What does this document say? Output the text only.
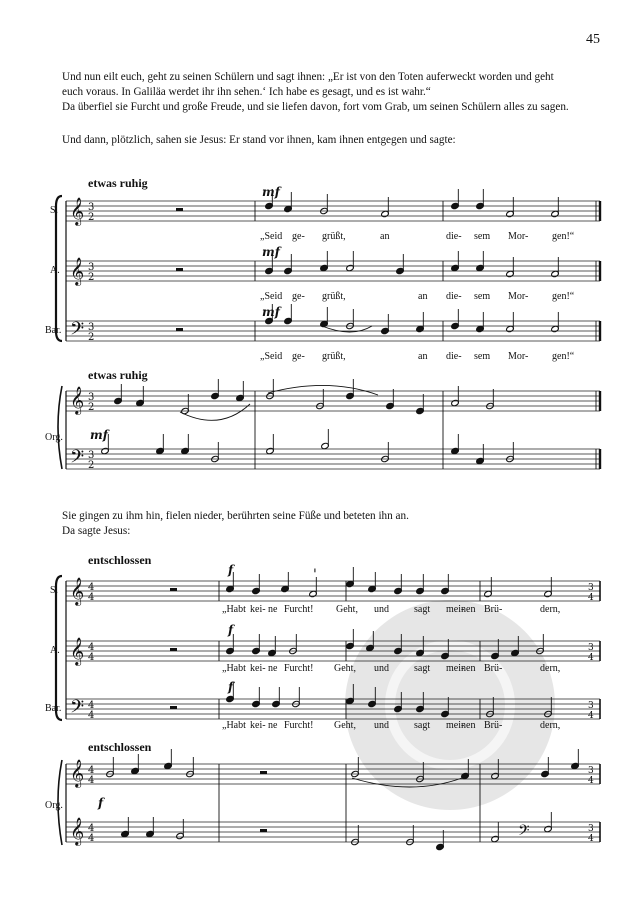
45
Und nun eilt euch, geht zu seinen Schülern und sagt ihnen: „Er ist von den Toten auferweckt worden und geht
euch voraus. In Galiläa werdet ihr ihn sehen.‘ Ich habe es gesagt, und es ist wahr.“
Da überfiel sie Furcht und große Freude, und sie liefen davon, fort vom Grab, um seinen Schülern alles zu sagen.
Und dann, plötzlich, sahen sie Jesus: Er stand vor ihnen, kam ihnen entgegen und sagte:
Sie gingen zu ihm hin, fielen nieder, berührten seine Füße und beteten ihn an.
Da sagte Jesus:
𝄞
𝄞
𝄢
𝄞
𝄢
3
2
3
2
3
2
3
2
3
2
𝄞
𝄞
𝄢
𝄞
𝄞
4
4
4
4
4
4
4
4
4
4
3
4
3
4
3
4
3
4
3
4
𝄢
'
etwas ruhig
etwas ruhig
S.
A.
Bar.
Org.
mf
mf
mf
mf
entschlossen
entschlossen
S.
A.
Bar.
Org.
f
f
f
f
„Seid ge- grüßt,	an	die- sem Mor- gen!“
„Seid ge- grüßt,	an die- sem Mor- gen!“
„Seid ge- grüßt,	an die- sem Mor- gen!“
„Habt kei- ne Furcht! Geht, und	sagt mei-
nen Brü-	dern,
„Habt kei- ne Furcht! Geht, und	sagt mei-
nen Brü-	dern,
„Habt kei- ne Furcht! Geht, und	sagt mei-
nen Brü-	dern,
